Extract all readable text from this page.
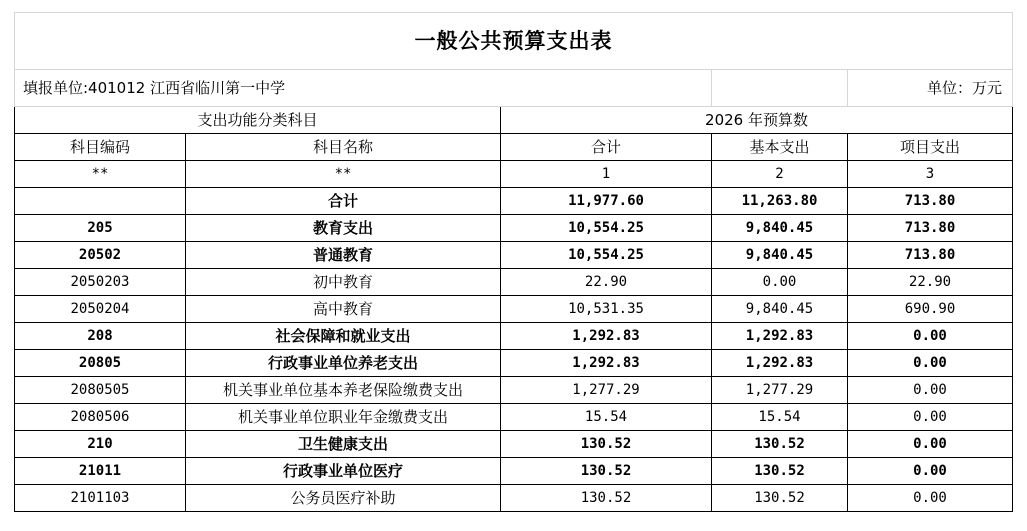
一般公共预算支出表				
填报单位:401012 江西省临川第一中学				单位：万元
支出功能分类科目		2026 年预算数		
科目编码	科目名称	合计	基本支出	项目支出
**	**	1	2	3
	合计	11,977.60	11,263.80	713.80
205	教育支出	10,554.25	9,840.45	713.80
20502	普通教育	10,554.25	9,840.45	713.80
2050203	初中教育	22.90	0.00	22.90
2050204	高中教育	10,531.35	9,840.45	690.90
208	社会保障和就业支出	1,292.83	1,292.83	0.00
20805	行政事业单位养老支出	1,292.83	1,292.83	0.00
2080505	机关事业单位基本养老保险缴费支出	1,277.29	1,277.29	0.00
2080506	机关事业单位职业年金缴费支出	15.54	15.54	0.00
210	卫生健康支出	130.52	130.52	0.00
21011	行政事业单位医疗	130.52	130.52	0.00
2101103	公务员医疗补助	130.52	130.52	0.00
